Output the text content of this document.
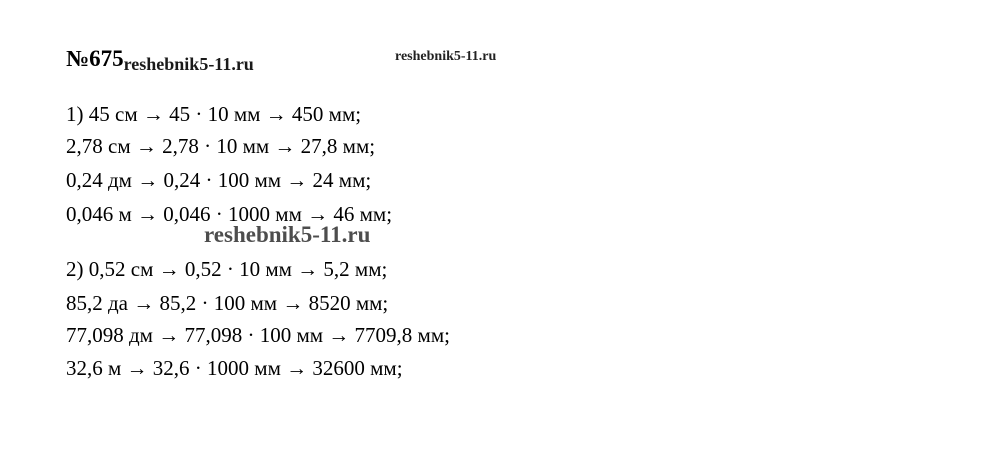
№675reshebnik5-11.ru	reshebnik5-11.ru
1) 45 см → 45 · 10 мм → 450 мм;
2,78 см → 2,78 · 10 мм → 27,8 мм;
0,24 дм → 0,24 · 100 мм → 24 мм;
0,046 м → 0,046 · 1000 мм → 46 мм;
reshebnik5-11.ru
2) 0,52 см → 0,52 · 10 мм → 5,2 мм;
85,2 да → 85,2 · 100 мм → 8520 мм;
77,098 дм → 77,098 · 100 мм → 7709,8 мм;
32,6 м → 32,6 · 1000 мм → 32600 мм;
